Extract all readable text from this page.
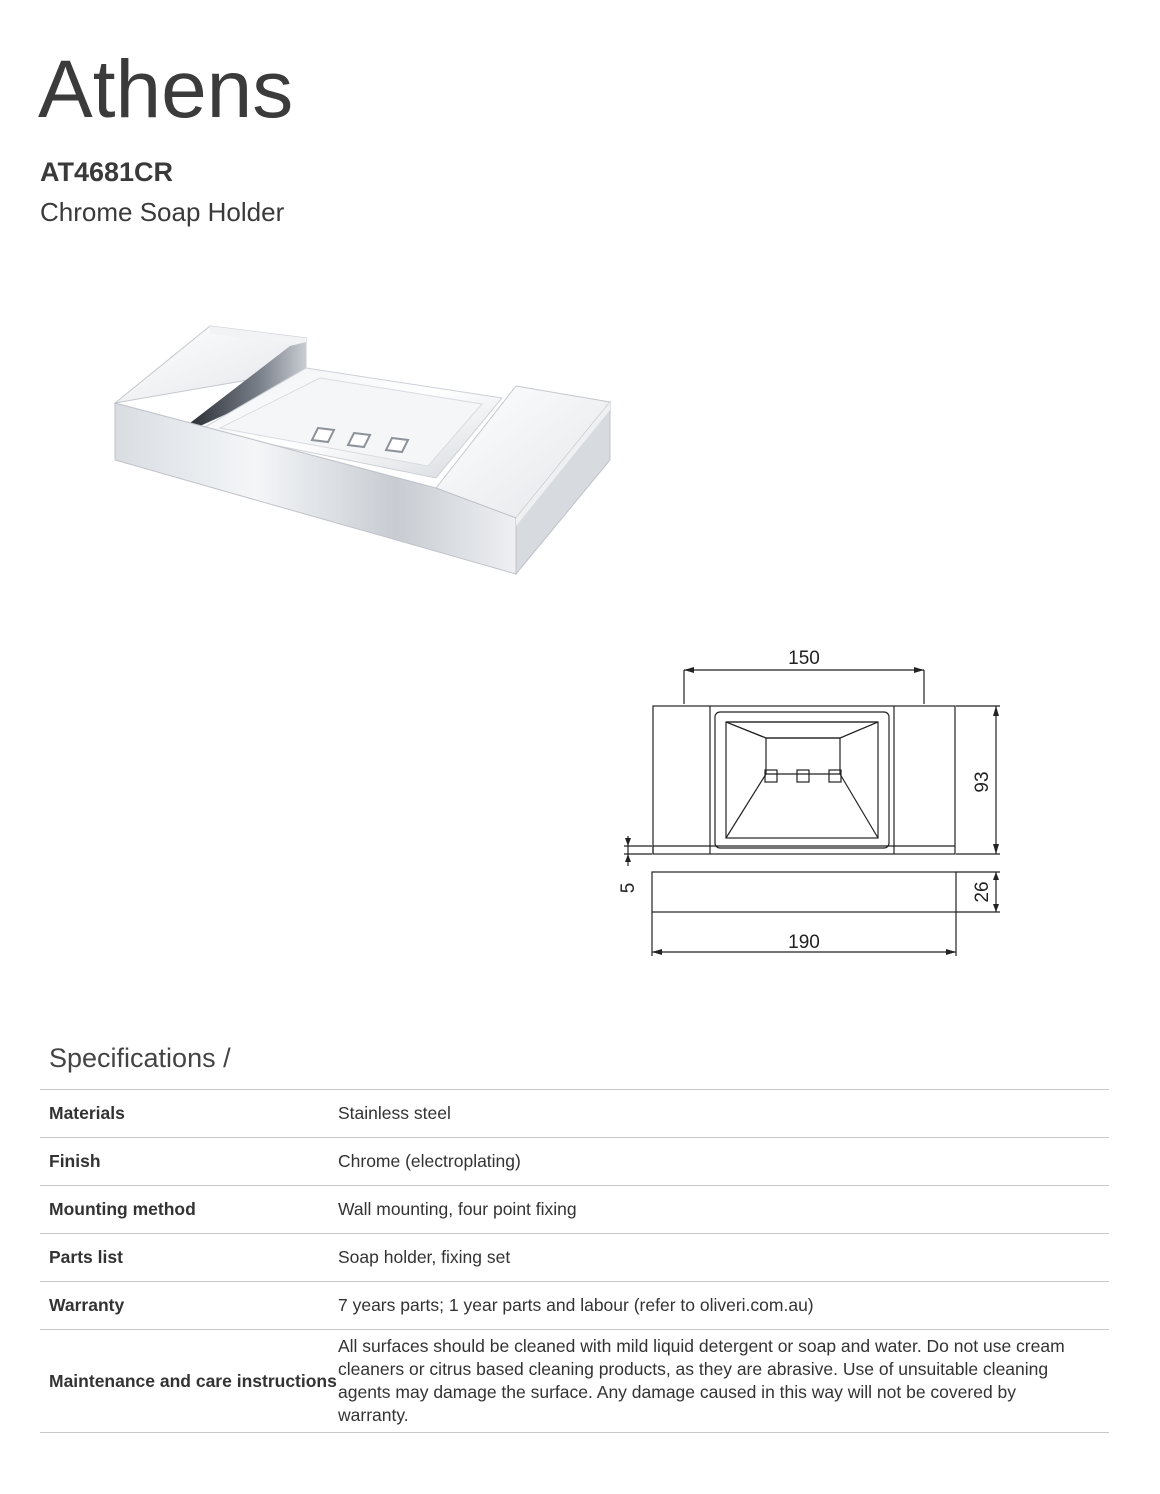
Athens
AT4681CR
Chrome Soap Holder
150
93
5	26
190
Specifications /
Materials	Stainless steel
Finish	Chrome (electroplating)
Mounting method	Wall mounting, four point fixing
Parts list	Soap holder, fixing set
Warranty	7 years parts; 1 year parts and labour (refer to oliveri.com.au)
Maintenance and care instructions	All surfaces should be cleaned with mild liquid detergent or soap and water. Do not use cream cleaners or citrus based cleaning products, as they are abrasive. Use of unsuitable cleaning agents may damage the surface. Any damage caused in this way will not be covered by warranty.
